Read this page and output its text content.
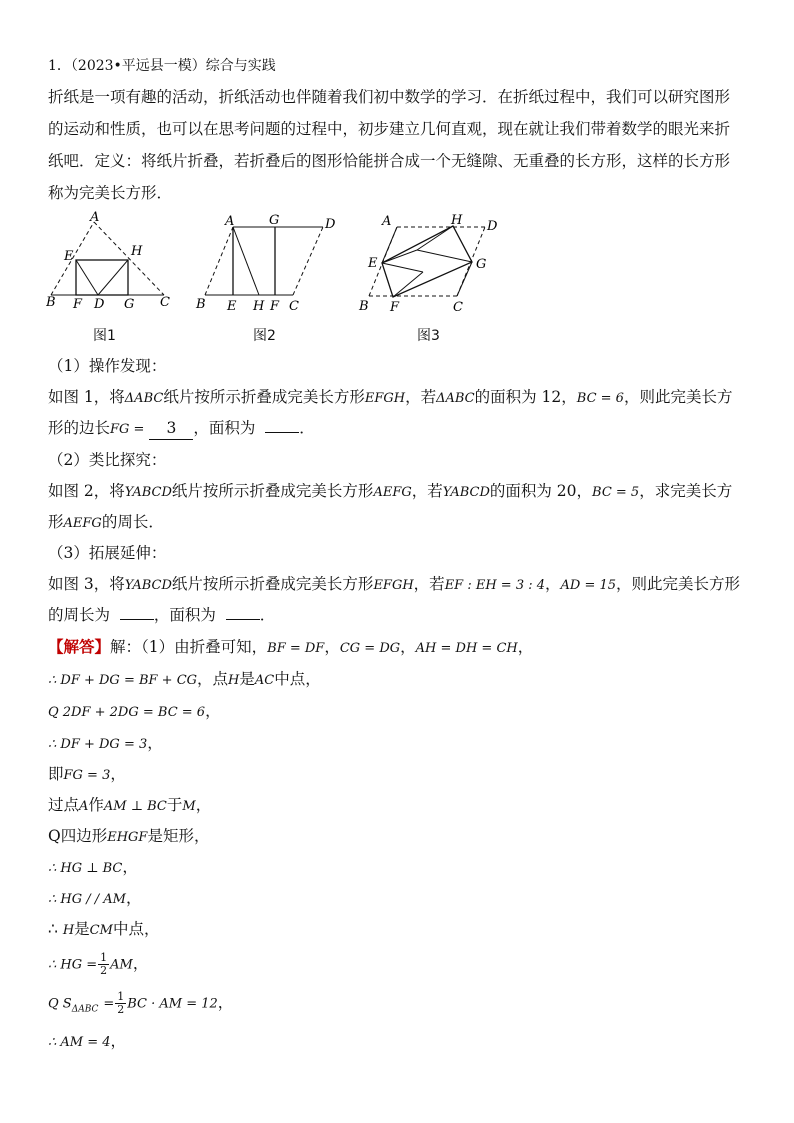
1．（2023•平远县一模）综合与实践
折纸是一项有趣的活动，折纸活动也伴随着我们初中数学的学习．在折纸过程中，我们可以研究图形
的运动和性质，也可以在思考问题的过程中，初步建立几何直观，现在就让我们带着数学的眼光来折
纸吧．定义：将纸片折叠，若折叠后的图形恰能拼合成一个无缝隙、无重叠的长方形，这样的长方形
称为完美长方形．
A
B	C
E
F D G
H
图1
A	G	D
B E H F C
图2
A	H D
E	G
B F	C
图3
（1）操作发现：
如图 1，将ΔABC纸片按所示折叠成完美长方形EFGH，若ΔABC的面积为 12，BC = 6，则此完美长方
形的边长FG = 3 ，面积为	．
（2）类比探究：
如图 2，将YABCD纸片按所示折叠成完美长方形AEFG，若YABCD的面积为 20，BC = 5，求完美长方
形AEFG的周长．
（3）拓展延伸：
如图 3，将YABCD纸片按所示折叠成完美长方形EFGH，若EF : EH = 3 : 4，AD = 15，则此完美长方形
的周长为	，面积为	．
【解答】解：（1）由折叠可知，BF = DF，CG = DG，AH = DH = CH，
∴ DF + DG = BF + CG，点H是AC中点，
Q 2DF + 2DG = BC = 6，
∴ DF + DG = 3，
即FG = 3，
过点A作AM ⊥ BC于M，
Q四边形EHGF是矩形，
∴ HG ⊥ BC，
∴ HG / / AM，
∴ H是CM中点，
∴ HG = $\frac{1}{2}$ AM，
Q $S_{\Delta ABC} = \frac{1}{2}$ BC · AM = 12，
∴ AM = 4，
